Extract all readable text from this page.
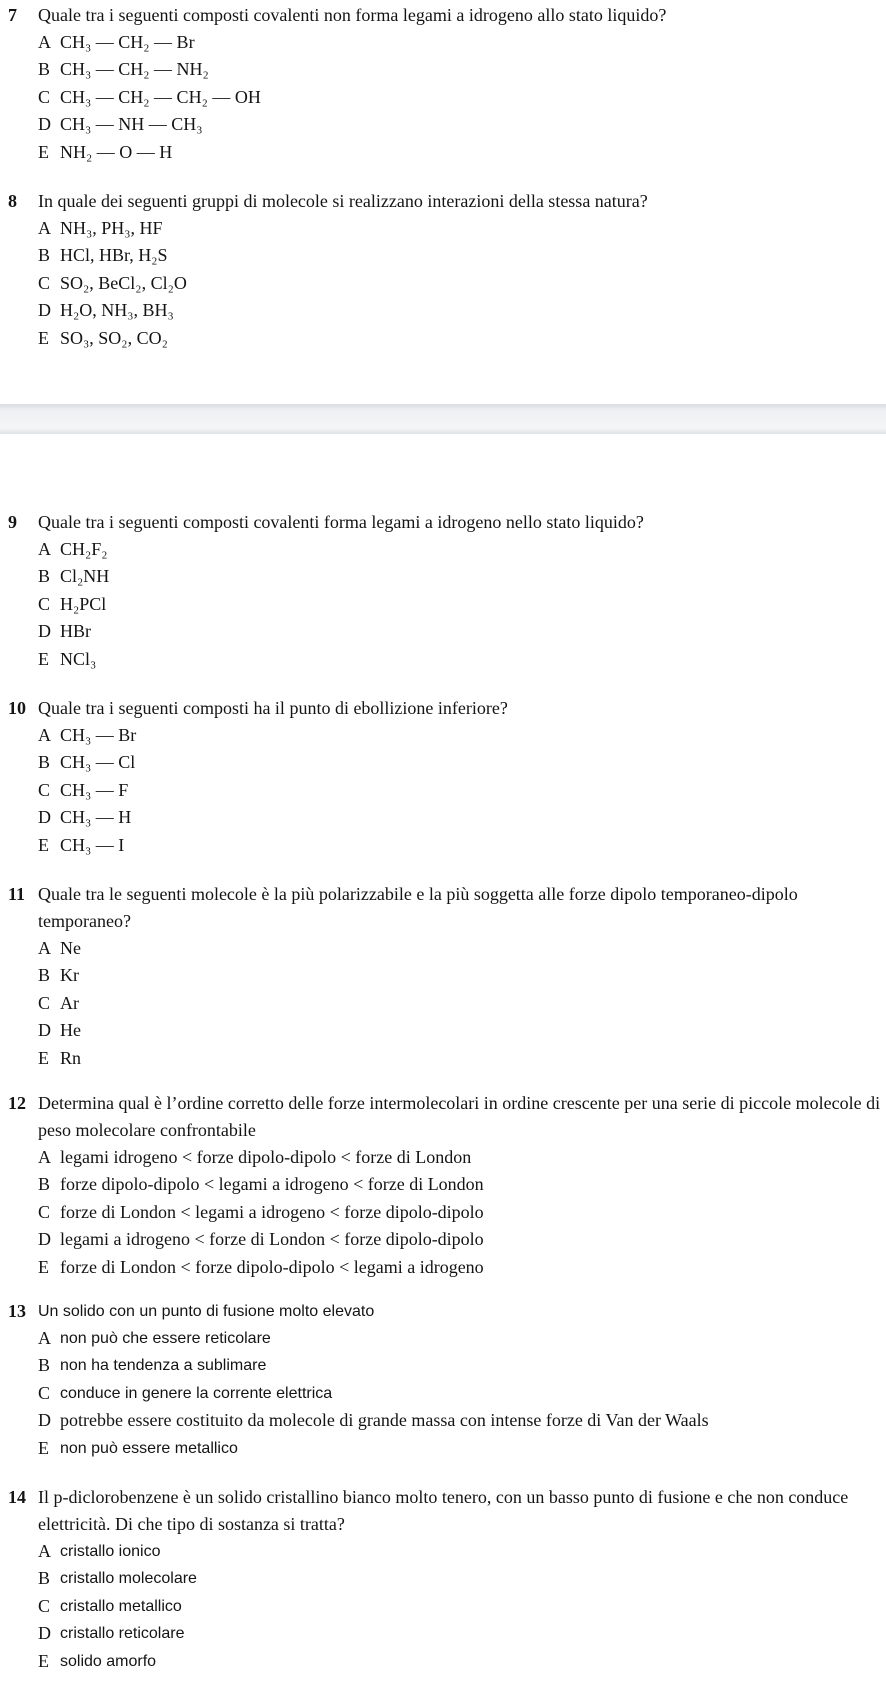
7	Quale tra i seguenti composti covalenti non forma legami a idrogeno allo stato liquido?
A CH₃ — CH₂ — Br
B CH₃ — CH₂ — NH₂
C CH₃ — CH₂ — CH₂ — OH
D CH₃ — NH — CH₃
E NH₂ — O — H
8	In quale dei seguenti gruppi di molecole si realizzano interazioni della stessa natura?
A NH₃, PH₃, HF
B HCl, HBr, H₂S
C SO₂, BeCl₂, Cl₂O
D H₂O, NH₃, BH₃
E SO₃, SO₂, CO₂
9	Quale tra i seguenti composti covalenti forma legami a idrogeno nello stato liquido?
A CH₂F₂
B Cl₂NH
C H₂PCl
D HBr
E NCl₃
10 Quale tra i seguenti composti ha il punto di ebollizione inferiore?
A CH₃ — Br
B CH₃ — Cl
C CH₃ — F
D CH₃ — H
E CH₃ — I
11 Quale tra le seguenti molecole è la più polarizzabile e la più soggetta alle forze dipolo temporaneo-dipolo temporaneo?
A Ne
B Kr
C Ar
D He
E Rn
12 Determina qual è l’ordine corretto delle forze intermolecolari in ordine crescente per una serie di piccole molecole di peso molecolare confrontabile
A legami idrogeno < forze dipolo-dipolo < forze di London
B forze dipolo-dipolo < legami a idrogeno < forze di London
C forze di London < legami a idrogeno < forze dipolo-dipolo
D legami a idrogeno < forze di London < forze dipolo-dipolo
E forze di London < forze dipolo-dipolo < legami a idrogeno
13 Un solido con un punto di fusione molto elevato
A non può che essere reticolare
B non ha tendenza a sublimare
C conduce in genere la corrente elettrica
D potrebbe essere costituito da molecole di grande massa con intense forze di Van der Waals
E non può essere metallico
14 Il p-diclorobenzene è un solido cristallino bianco molto tenero, con un basso punto di fusione e che non conduce elettricità. Di che tipo di sostanza si tratta?
A cristallo ionico
B cristallo molecolare
C cristallo metallico
D cristallo reticolare
E solido amorfo
